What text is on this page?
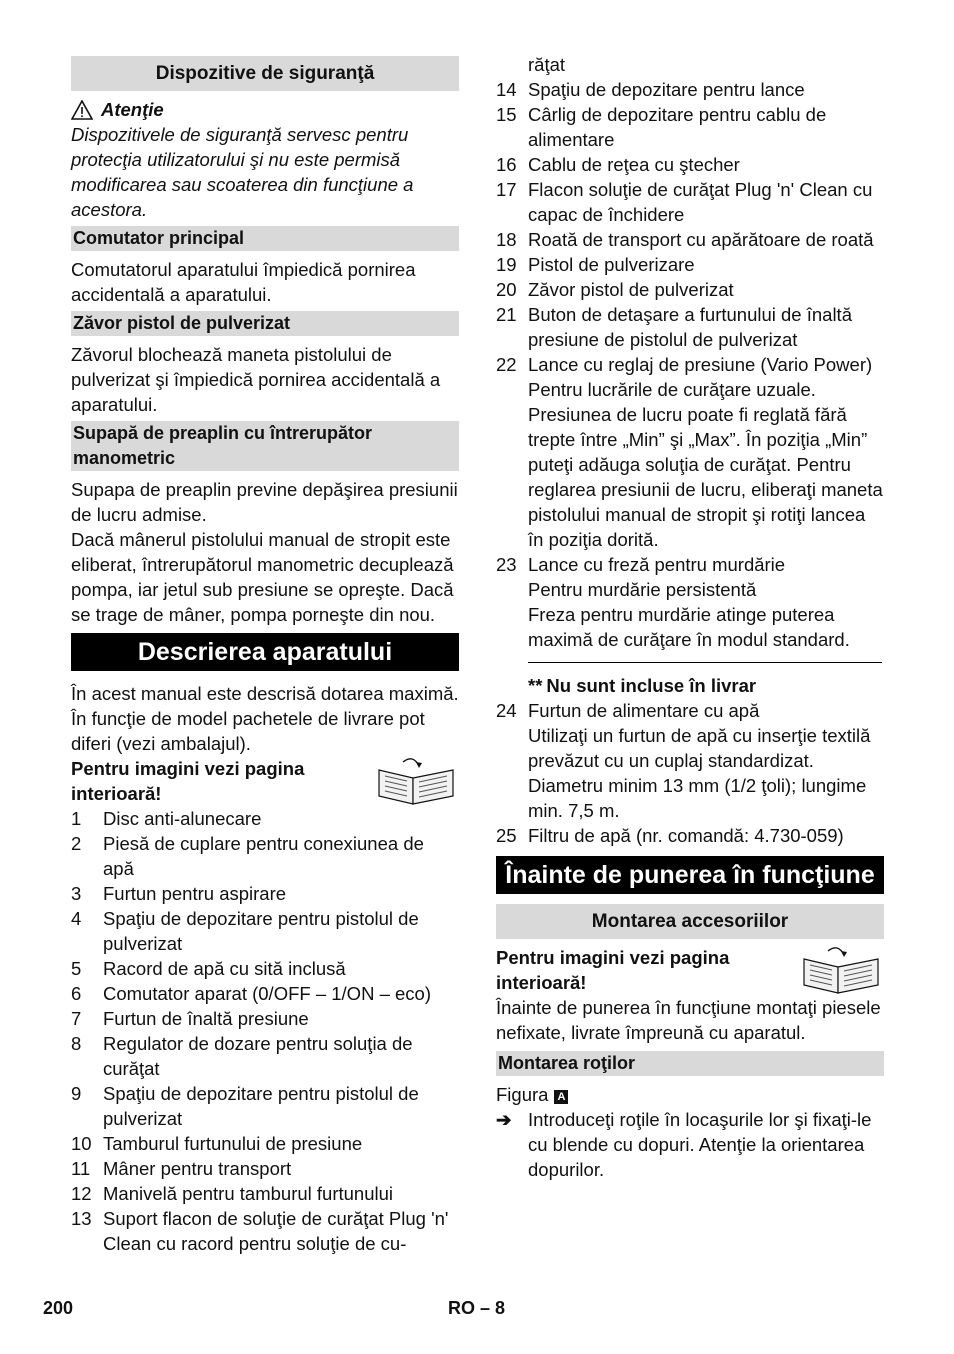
Dispozitive de siguranţă
Atenţie

Dispozitivele de siguranţă servesc pentru protecţia utilizatorului şi nu este permisă modificarea sau scoaterea din funcţiune a acestora.

Comutator principal

Comutatorul aparatului împiedică pornirea accidentală a aparatului.

Zăvor pistol de pulverizat

Zăvorul blochează maneta pistolului de pulverizat şi împiedică pornirea accidentală a aparatului.

Supapă de preaplin cu întrerupător manometric

Supapa de preaplin previne depăşirea presiunii de lucru admise.

Dacă mânerul pistolului manual de stropit este eliberat, întrerupătorul manometric decuplează pompa, iar jetul sub presiune se opreşte. Dacă se trage de mâner, pompa porneşte din nou.

Descrierea aparatului

În acest manual este descrisă dotarea maximă. În funcţie de model pachetele de livrare pot diferi (vezi ambalajul).

Pentru imagini vezi pagina interioară!
1	Disc anti-alunecare
2	Piesă de cuplare pentru conexiunea de apă
3	Furtun pentru aspirare
4	Spaţiu de depozitare pentru pistolul de pulverizat
5	Racord de apă cu sită inclusă
6	Comutator aparat (0/OFF – 1/ON – eco)
7	Furtun de înaltă presiune
8	Regulator de dozare pentru soluţia de curăţat
9	Spaţiu de depozitare pentru pistolul de pulverizat
10 Tamburul furtunului de presiune
11 Mâner pentru transport
12 Manivelă pentru tamburul furtunului
13 Suport flacon de soluţie de curăţat Plug 'n' Clean cu racord pentru soluţie de cu-
răţat
14 Spaţiu de depozitare pentru lance
15 Cârlig de depozitare pentru cablu de alimentare
16 Cablu de reţea cu ştecher
17 Flacon soluţie de curăţat Plug 'n' Clean cu capac de închidere
18 Roată de transport cu apărătoare de roată
19 Pistol de pulverizare
20 Zăvor pistol de pulverizat
21 Buton de detaşare a furtunului de înaltă presiune de pistolul de pulverizat
22 Lance cu reglaj de presiune (Vario Power)
Pentru lucrările de curăţare uzuale. Presiunea de lucru poate fi reglată fără trepte între „Min” şi „Max”. În poziţia „Min” puteţi adăuga soluţia de curăţat. Pentru reglarea presiunii de lucru, eliberaţi maneta pistolului manual de stropit şi rotiţi lancea în poziţia dorită.
23 Lance cu freză pentru murdărie
Pentru murdărie persistentă
Freza pentru murdărie atinge puterea maximă de curăţare în modul standard.
** Nu sunt incluse în livrar
24 Furtun de alimentare cu apă
Utilizaţi un furtun de apă cu inserţie textilă prevăzut cu un cuplaj standardizat. Diametru minim 13 mm (1/2 ţoli); lungime min. 7,5 m.
25 Filtru de apă (nr. comandă: 4.730-059)
Înainte de punerea în funcţiune
Montarea accesoriilor
Pentru imagini vezi pagina interioară!

Înainte de punerea în funcţiune montaţi piesele nefixate, livrate împreună cu aparatul.

Montarea roţilor

Figura A

➔ Introduceţi roţile în locaşurile lor şi fixaţi-le cu blende cu dopuri. Atenţie la orientarea dopurilor.
200	RO – 8
